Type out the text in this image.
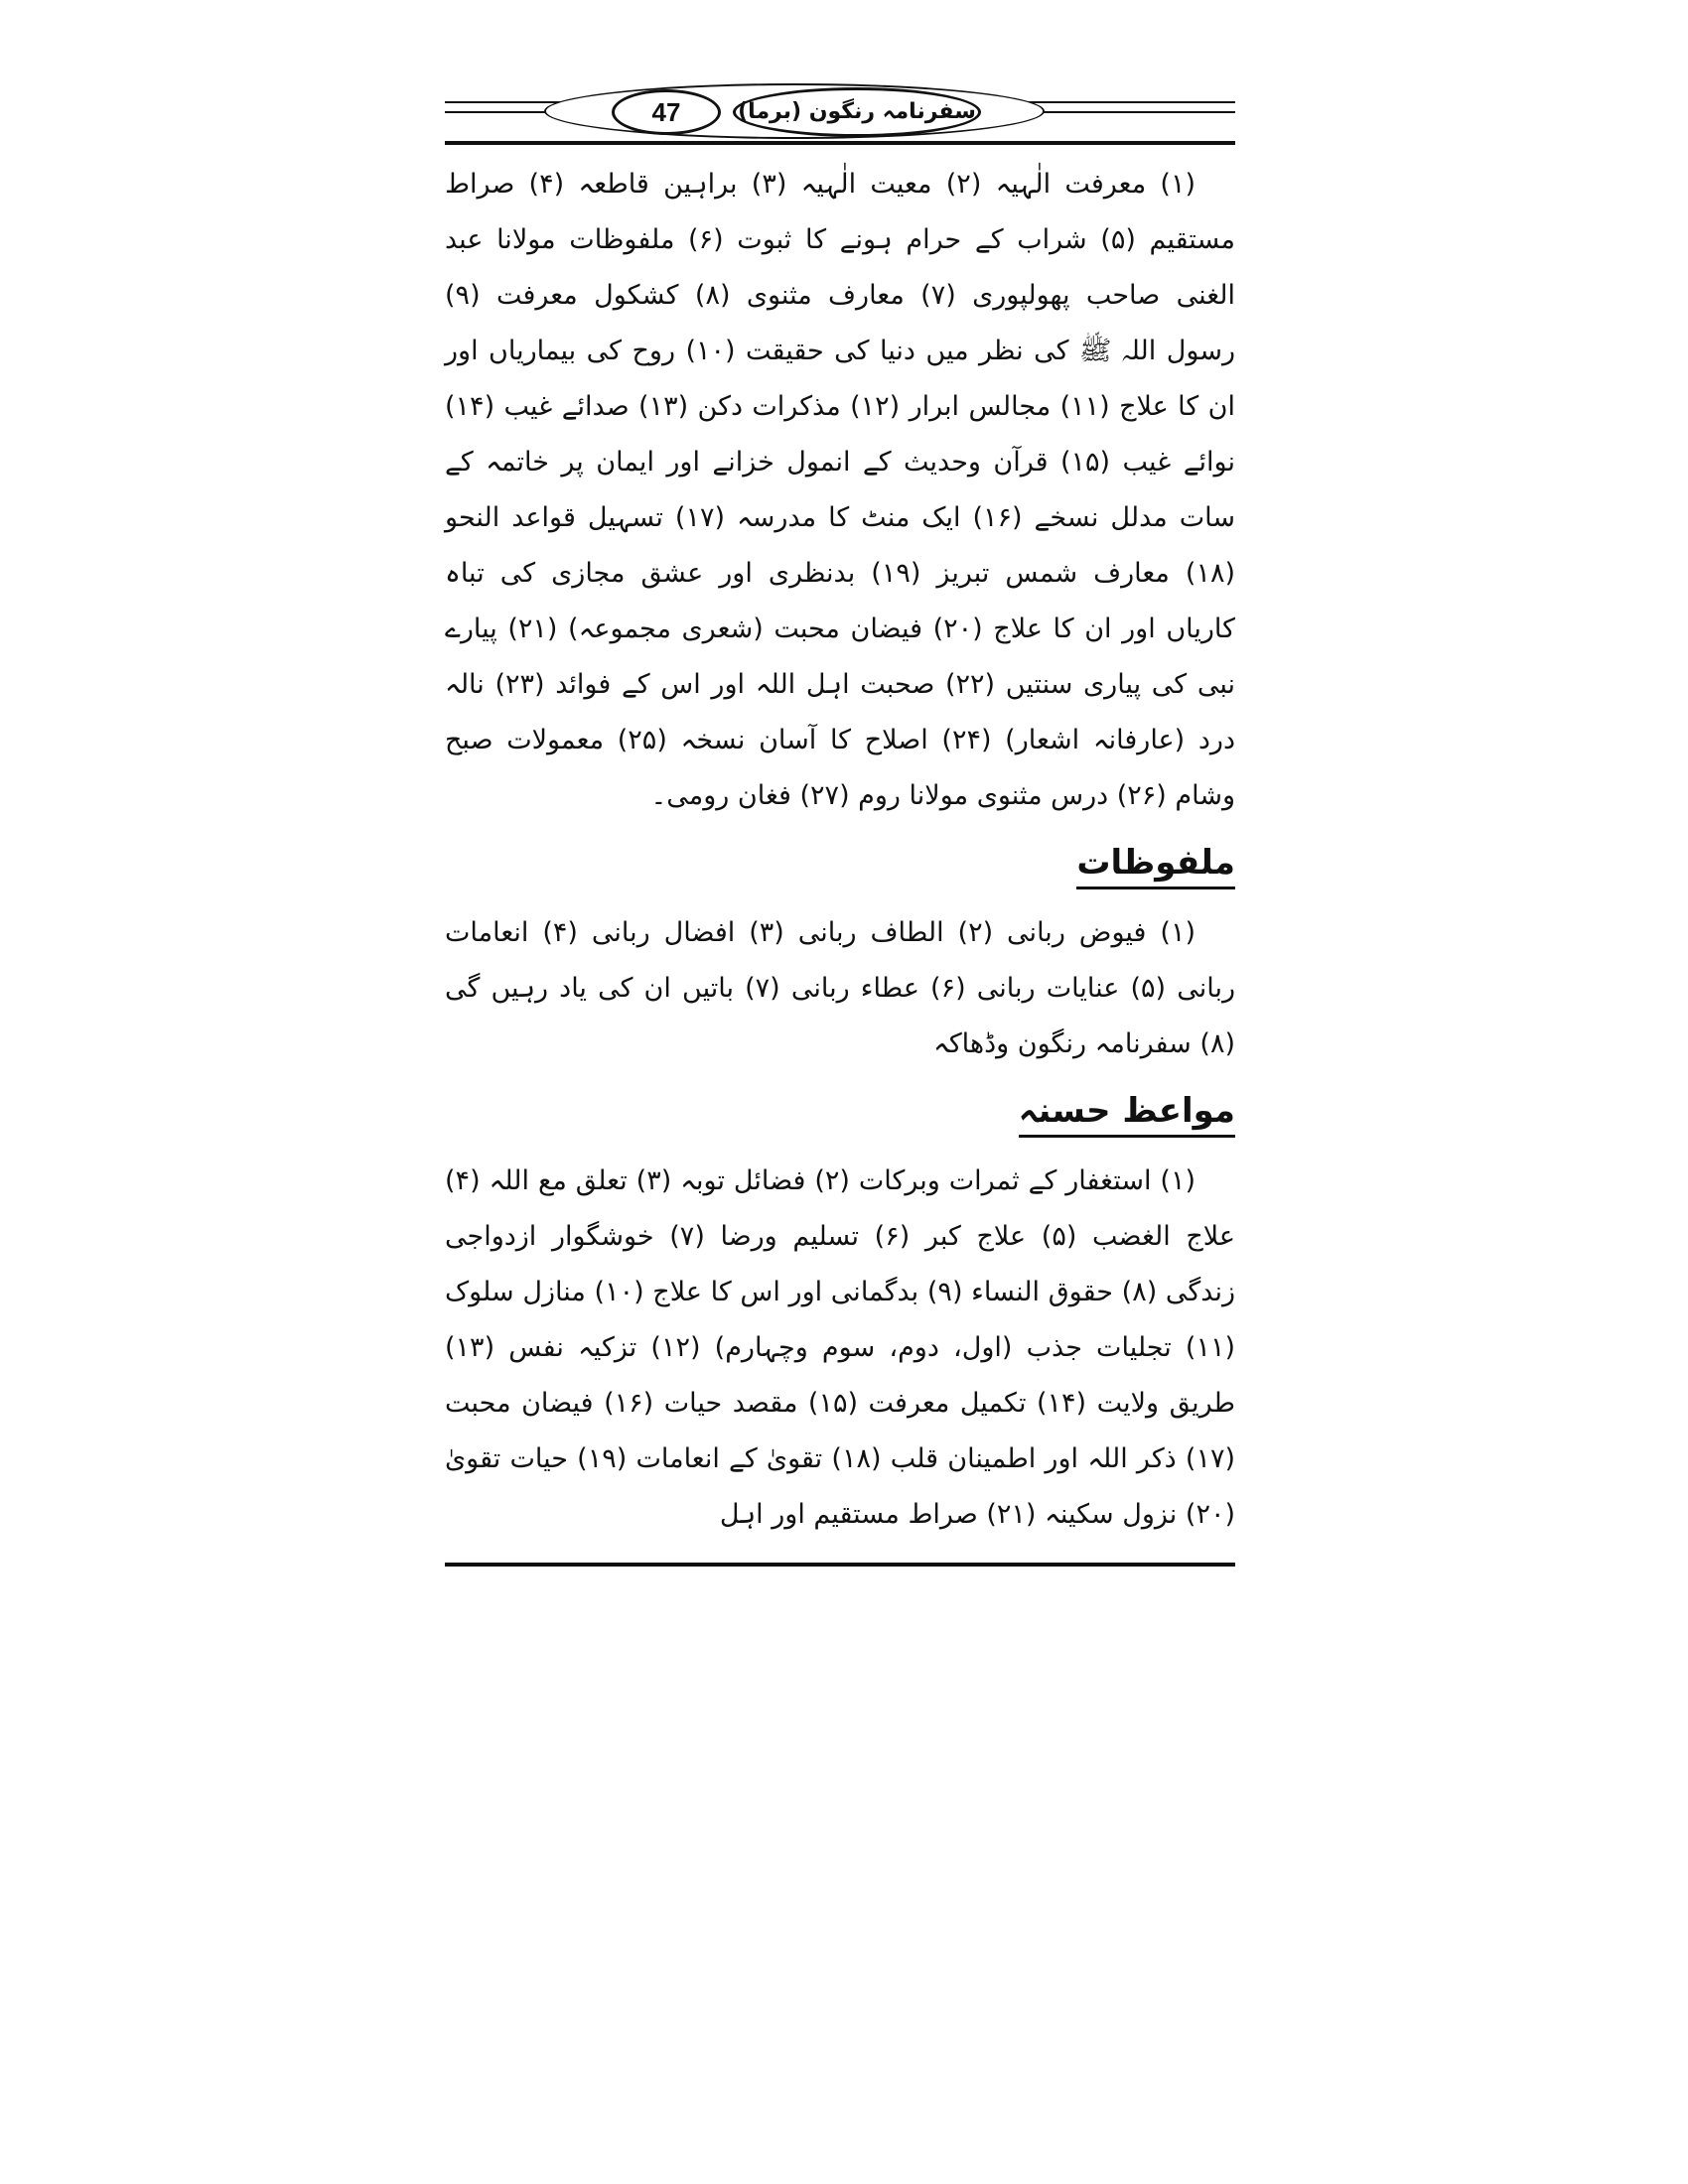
47	سفرنامہ رنگون (برما)

(۱) معرفت الٰہیہ (۲) معیت الٰہیہ (۳) براہین قاطعہ (۴) صراط مستقیم (۵) شراب کے حرام ہونے کا ثبوت (۶) ملفوظات مولانا عبد الغنی صاحب پھولپوری (۷) معارف مثنوی (۸) کشکول معرفت (۹) رسول اللہ ﷺ کی نظر میں دنیا کی حقیقت (۱۰) روح کی بیماریاں اور ان کا علاج (۱۱) مجالس ابرار (۱۲) مذکرات دکن (۱۳) صدائے غیب (۱۴) نوائے غیب (۱۵) قرآن وحدیث کے انمول خزانے اور ایمان پر خاتمہ کے سات مدلل نسخے (۱۶) ایک منٹ کا مدرسہ (۱۷) تسہیل قواعد النحو (۱۸) معارف شمس تبریز (۱۹) بدنظری اور عشق مجازی کی تباہ کاریاں اور ان کا علاج (۲۰) فیضان محبت (شعری مجموعہ) (۲۱) پیارے نبی کی پیاری سنتیں (۲۲) صحبت اہل اللہ اور اس کے فوائد (۲۳) نالہ درد (عارفانہ اشعار) (۲۴) اصلاح کا آسان نسخہ (۲۵) معمولات صبح وشام (۲۶) درس مثنوی مولانا روم (۲۷) فغان رومی۔

ملفوظات

(۱) فیوض ربانی (۲) الطاف ربانی (۳) افضال ربانی (۴) انعامات ربانی (۵) عنایات ربانی (۶) عطاء ربانی (۷) باتیں ان کی یاد رہیں گی (۸) سفرنامہ رنگون وڈھاکہ

مواعظ حسنہ

(۱) استغفار کے ثمرات وبرکات (۲) فضائل توبہ (۳) تعلق مع اللہ (۴) علاج الغضب (۵) علاج کبر (۶) تسلیم ورضا (۷) خوشگوار ازدواجی زندگی (۸) حقوق النساء (۹) بدگمانی اور اس کا علاج (۱۰) منازل سلوک (۱۱) تجلیات جذب (اول، دوم، سوم وچہارم) (۱۲) تزکیہ نفس (۱۳) طریق ولایت (۱۴) تکمیل معرفت (۱۵) مقصد حیات (۱۶) فیضان محبت (۱۷) ذکر اللہ اور اطمینان قلب (۱۸) تقویٰ کے انعامات (۱۹) حیات تقویٰ (۲۰) نزول سکینہ (۲۱) صراط مستقیم اور اہل
